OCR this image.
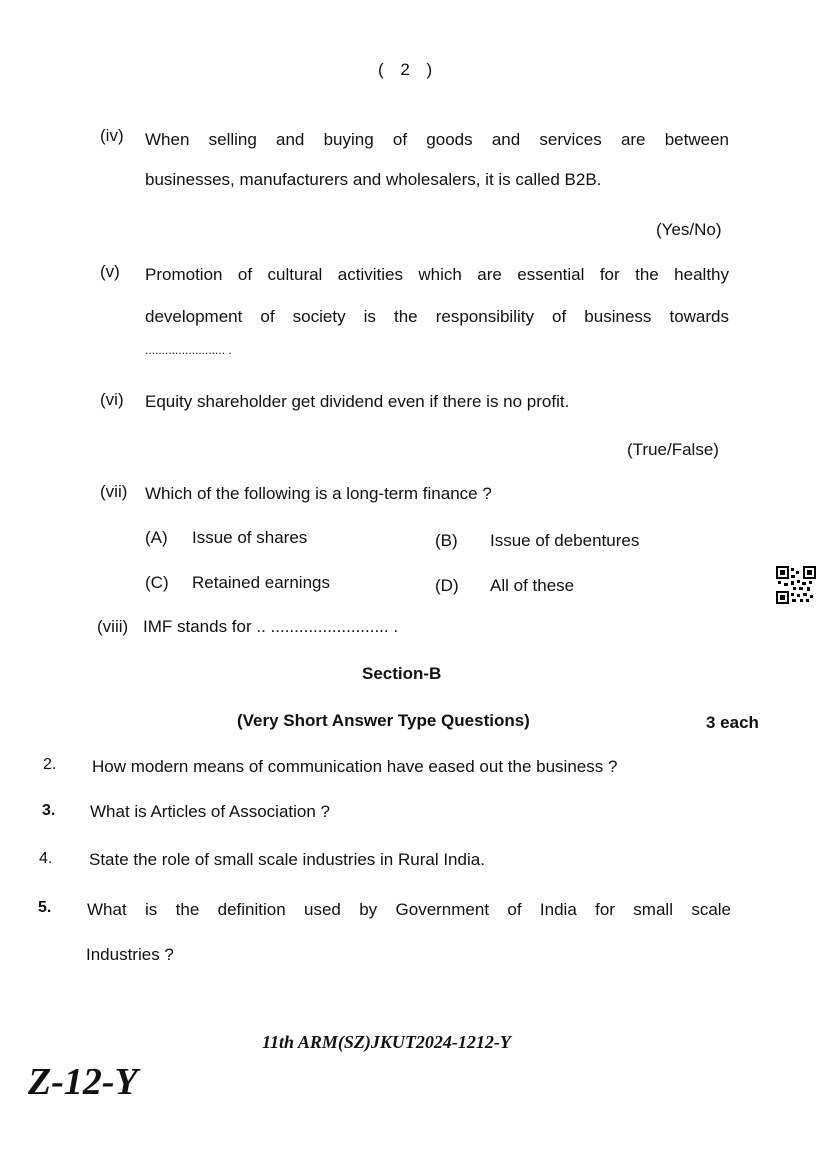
( 2 )
(iv) When selling and buying of goods and services are between
businesses, manufacturers and wholesalers, it is called B2B.
(Yes/No)
(v) Promotion of cultural activities which are essential for the healthy
development of society is the responsibility of business towards
........................ .
(vi) Equity shareholder get dividend even if there is no profit.
(True/False)
(vii) Which of the following is a long-term finance ?
(A) Issue of shares	(B) Issue of debentures
(C) Retained earnings	(D) All of these
(viii) IMF stands for .. ......................... .
Section-B
(Very Short Answer Type Questions)	3 each
2. How modern means of communication have eased out the business ?
3. What is Articles of Association ?
4. State the role of small scale industries in Rural India.
5. What is the definition used by Government of India for small scale
Industries ?
11th ARM(SZ)JKUT2024-1212-Y
Z-12-Y
